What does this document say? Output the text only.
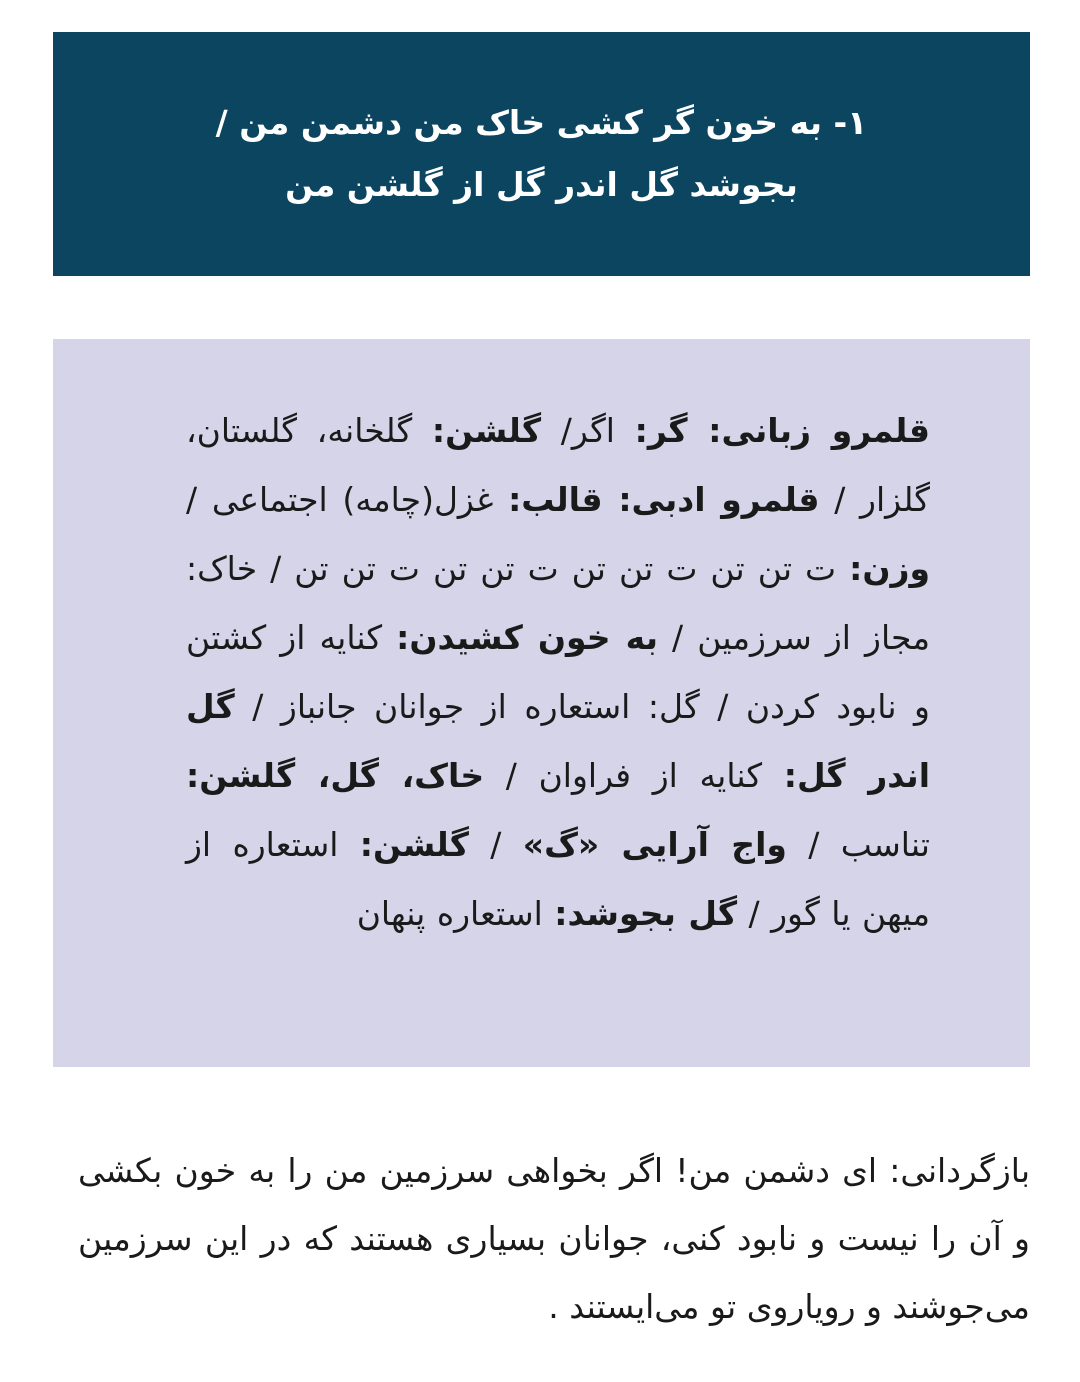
۱- به خون گر کشی خاک من دشمن من /
بجوشد گل اندر گل از گلشن من
قلمرو زبانی: گر: اگر/ گلشن: گلخانه، گلستان، گلزار / قلمرو ادبی: قالب: غزل(چامه) اجتماعی / وزن: ت تن تن ت تن تن ت تن تن ت تن تن / خاک: مجاز از سرزمین / به خون کشیدن: کنایه از کشتن و نابود کردن / گل: استعاره از جوانان جانباز / گل اندر گل: کنایه از فراوان / خاک، گل، گلشن: تناسب / واج آرایی «گ» / گلشن: استعاره از میهن یا گور / گل بجوشد: استعاره پنهان
بازگردانی: ای دشمن من! اگر بخواهی سرزمین من را به خون بکشی و آن را نیست و نابود کنی، جوانان بسیاری هستند که در این سرزمین می‌جوشند و رویاروی تو می‌ایستند .
